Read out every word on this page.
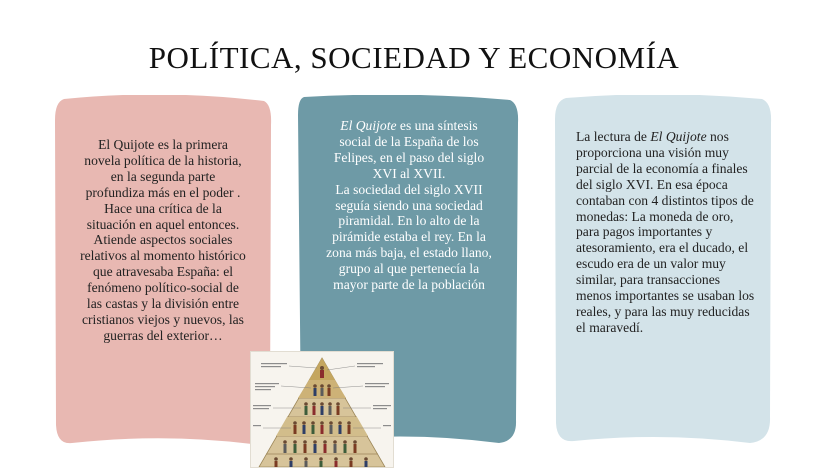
POLÍTICA, SOCIEDAD Y ECONOMÍA
El Quijote es la primera novela política de la historia, en la segunda parte profundiza más en el poder . Hace una crítica de la situación en aquel entonces. Atiende aspectos sociales relativos al momento histórico que atravesaba España: el fenómeno político-social de las castas y la división entre cristianos viejos y nuevos, las guerras del exterior…
El Quijote es una síntesis social de la España de los Felipes, en el paso del siglo XVI al XVII.
La sociedad del siglo XVII seguía siendo una sociedad piramidal. En lo alto de la pirámide estaba el rey. En la zona más baja, el estado llano, grupo al que pertenecía la mayor parte de la población
La lectura de El Quijote nos proporciona una visión muy parcial de la economía a finales del siglo XVI. En esa época contaban con 4 distintos tipos de monedas: La moneda de oro, para pagos importantes y atesoramiento, era el ducado, el escudo era de un valor muy similar, para transacciones menos importantes se usaban los reales, y para las muy reducidas el maravedí.
